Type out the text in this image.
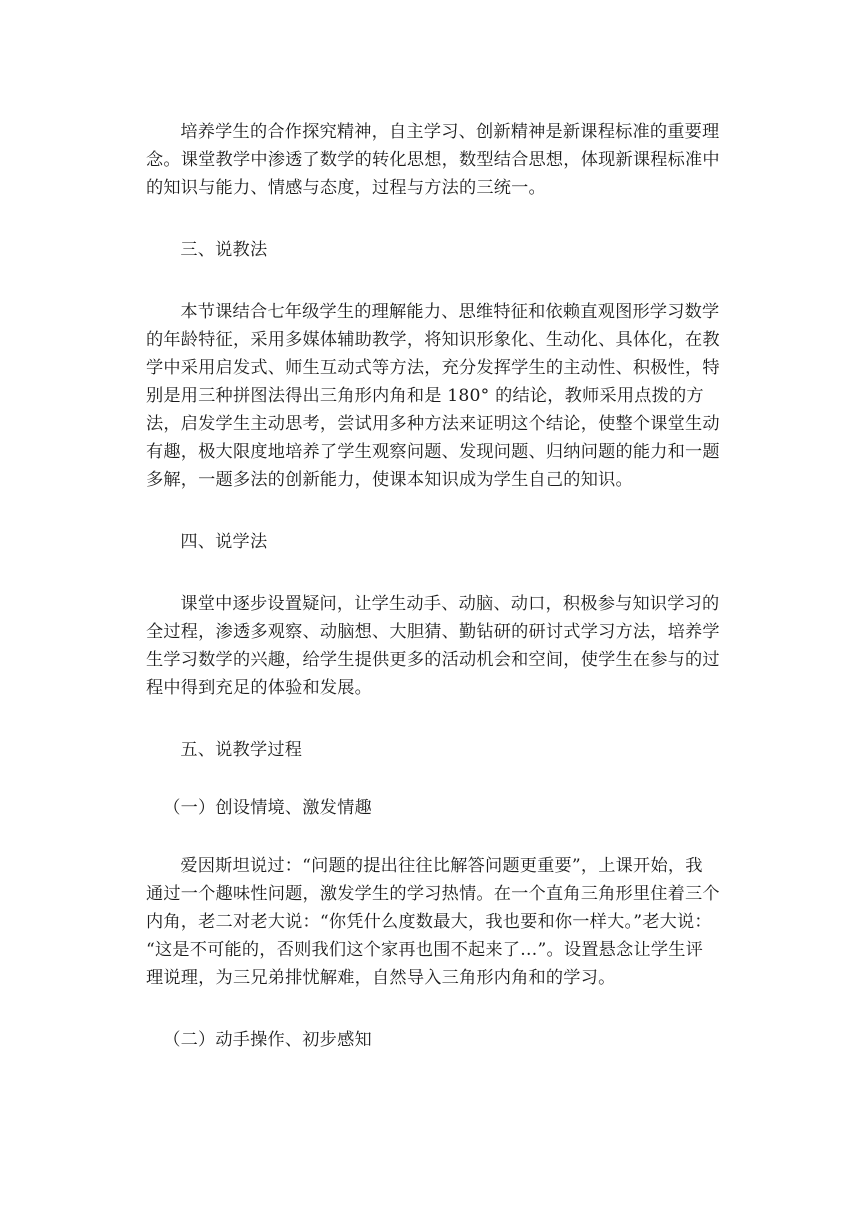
培养学生的合作探究精神，自主学习、创新精神是新课程标准的重要理
念。课堂教学中渗透了数学的转化思想，数型结合思想，体现新课程标准中
的知识与能力、情感与态度，过程与方法的三统一。

三、说教法

本节课结合七年级学生的理解能力、思维特征和依赖直观图形学习数学
的年龄特征，采用多媒体辅助教学，将知识形象化、生动化、具体化，在教
学中采用启发式、师生互动式等方法，充分发挥学生的主动性、积极性，特
别是用三种拼图法得出三角形内角和是 180° 的结论，教师采用点拨的方
法，启发学生主动思考，尝试用多种方法来证明这个结论，使整个课堂生动
有趣，极大限度地培养了学生观察问题、发现问题、归纳问题的能力和一题
多解，一题多法的创新能力，使课本知识成为学生自己的知识。

四、说学法

课堂中逐步设置疑问，让学生动手、动脑、动口，积极参与知识学习的
全过程，渗透多观察、动脑想、大胆猜、勤钻研的研讨式学习方法，培养学
生学习数学的兴趣，给学生提供更多的活动机会和空间，使学生在参与的过
程中得到充足的体验和发展。

五、说教学过程

（一）创设情境、激发情趣

爱因斯坦说过：“问题的提出往往比解答问题更重要”，上课开始，我
通过一个趣味性问题，激发学生的学习热情。在一个直角三角形里住着三个
内角，老二对老大说：“你凭什么度数最大，我也要和你一样大。”老大说：
“这是不可能的，否则我们这个家再也围不起来了…”。设置悬念让学生评
理说理，为三兄弟排忧解难，自然导入三角形内角和的学习。

（二）动手操作、初步感知
